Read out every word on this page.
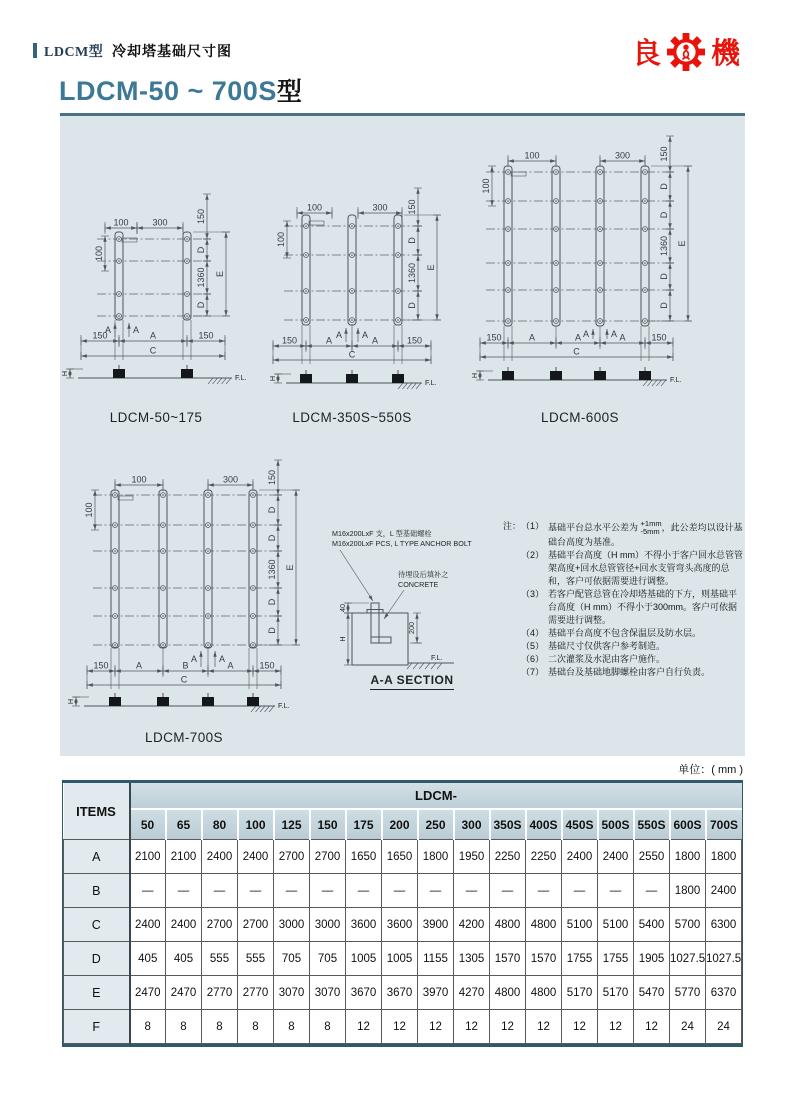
LDCM型 冷却塔基础尺寸图	良 機
LDCM-50 ~ 700S型
100	300	150
D
1360
D
E
100
150	A	150
C
A A
H	F.L.
LDCM-50~175
100	300 150
D
1360
D
E
100
150	A	A	150
C
A A
H	F.L.
LDCM-350S~550S
100	300	150
D
D
1360
D
D
E
100
150	A	A	A	150
C
A A
H	F.L.
LDCM-600S
100	300	150
D
D
1360
D
D
E
100
150	A	B	A	150
C
A A
H	F.L.
LDCM-700S
M16x200LxF 支，L 型基础螺栓
M16x200LxF PCS, L TYPE ANCHOR BOLT
待埋设后填补之
CONCRETE
40
H
200
F.L.
A-A SECTION
注： （1） 基础平台总水平公差为 +1mm
-5mm ，此公差均以设计基础台高度为基准。
（2） 基础平台高度（H mm）不得小于客户回水总管管架高度+回水总管管径+回水支管弯头高度的总和，客户可依据需要进行调整。
（3） 若客户配管总管在冷却塔基础的下方，则基础平台高度（H mm）不得小于300mm。客户可依据需要进行调整。
（4） 基础平台高度不包含保温层及防水层。
（5） 基础尺寸仅供客户参考制造。
（6） 二次灌浆及水泥由客户施作。
（7） 基础台及基础地脚螺栓由客户自行负责。
单位：( mm )
ITEMS	LDCM-																
	50	65	80	100	125	150	175	200	250	300	350S	400S	450S	500S	550S	600S	700S
A	2100	2100	2400	2400	2700	2700	1650	1650	1800	1950	2250	2250	2400	2400	2550	1800	1800
B	—	—	—	—	—	—	—	—	—	—	—	—	—	—	—	1800	2400
C	2400	2400	2700	2700	3000	3000	3600	3600	3900	4200	4800	4800	5100	5100	5400	5700	6300
D	405	405	555	555	705	705	1005	1005	1155	1305	1570	1570	1755	1755	1905	1027.5	1027.5
E	2470	2470	2770	2770	3070	3070	3670	3670	3970	4270	4800	4800	5170	5170	5470	5770	6370
F	8	8	8	8	8	8	12	12	12	12	12	12	12	12	12	24	24
